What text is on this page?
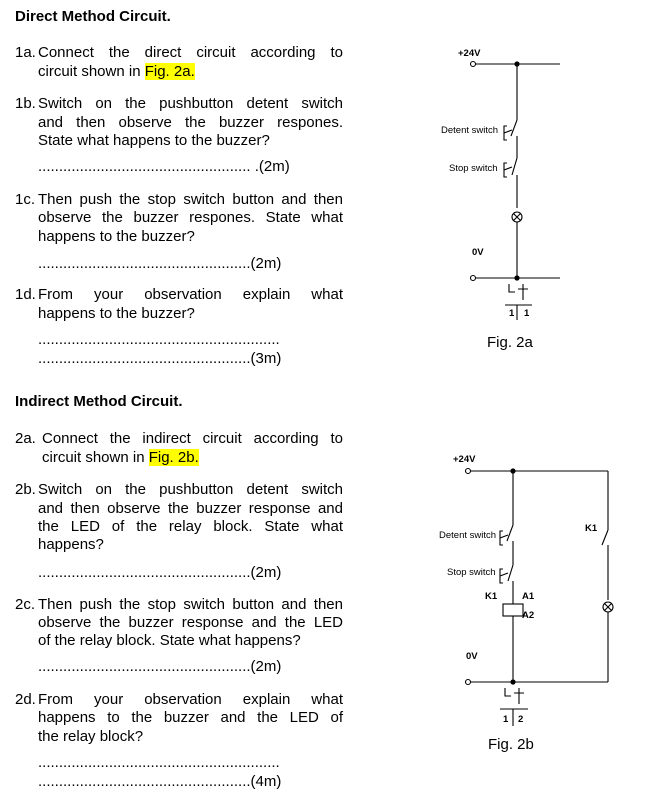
Direct Method Circuit.
1a. Connect the direct circuit according to
circuit shown in Fig. 2a.
1b. Switch on the pushbutton detent switch
and then observe the buzzer respones.
State what happens to the buzzer?
................................................... .(2m)
1c. Then push the stop switch button and then
observe the buzzer respones. State what
happens to the buzzer?
...................................................(2m)
1d. From your observation explain what
happens to the buzzer?
..........................................................
...................................................(3m)
Indirect Method Circuit.
2a. Connect the indirect circuit according to
circuit shown in Fig. 2b.
2b. Switch on the pushbutton detent switch
and then observe the buzzer response and
the LED of the relay block. State what
happens?
...................................................(2m)
2c. Then push the stop switch button and then
observe the buzzer response and the LED
of the relay block. State what happens?
...................................................(2m)
2d. From your observation explain what
happens to the buzzer and the LED of
the relay block?
..........................................................
...................................................(4m)
+24V
Detent switch
Stop switch
0V
1 1
Fig. 2a
+24V
Detent switch
Stop switch
K1
K1	A1
A2
0V
1 2
Fig. 2b
